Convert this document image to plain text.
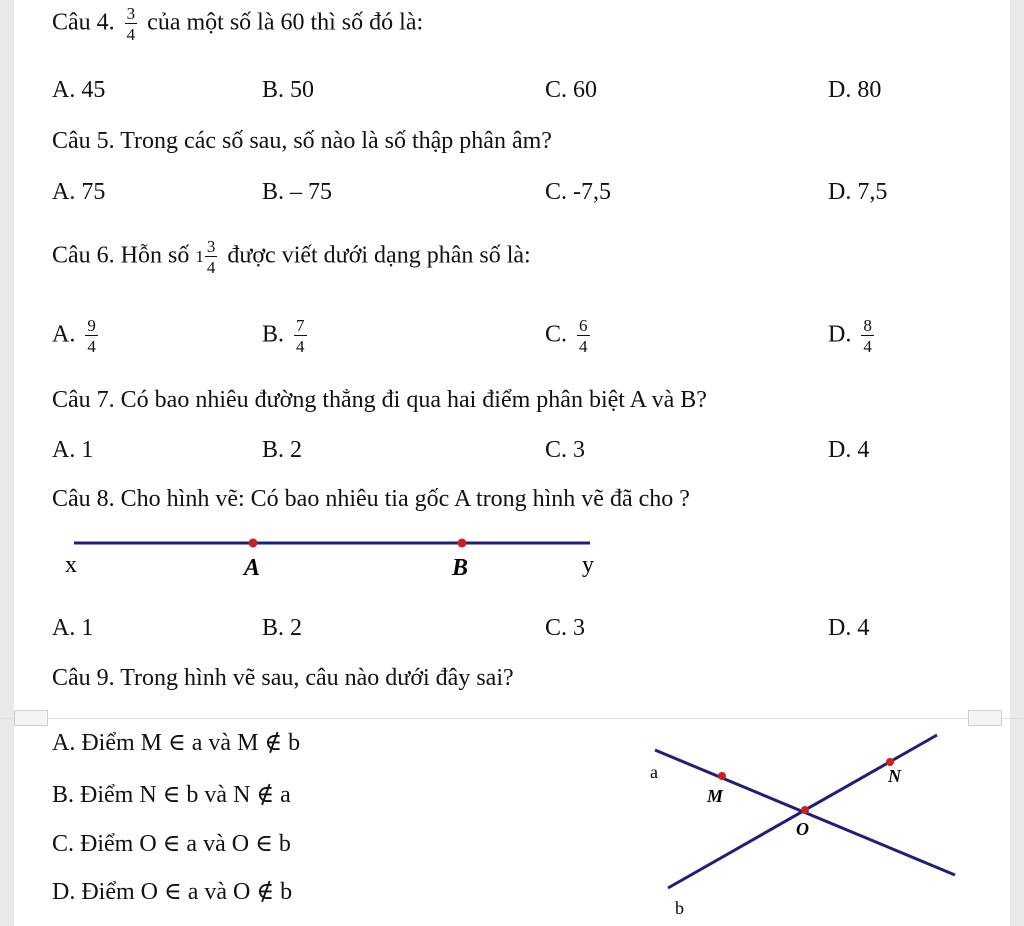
Câu 4. $\frac{3}{4}$ của một số là 60 thì số đó là:
A. 45	B. 50	C. 60	D. 80
Câu 5. Trong các số sau, số nào là số thập phân âm?
A. 75	B. – 75	C. -7,5	D. 7,5
Câu 6. Hỗn số $1 \frac{3}{4}$ được viết dưới dạng phân số là:
A. $\frac{9}{4}$	B. $\frac{7}{4}$	C. $\frac{6}{4}$	D. $\frac{8}{4}$
Câu 7. Có bao nhiêu đường thẳng đi qua hai điểm phân biệt A và B?
A. 1	B. 2	C. 3	D. 4
Câu 8. Cho hình vẽ: Có bao nhiêu tia gốc A trong hình vẽ đã cho ?
x	A	B	y
A. 1	B. 2	C. 3	D. 4
Câu 9. Trong hình vẽ sau, câu nào dưới đây sai?
A. Điểm M ∈ a và M ∉ b
B. Điểm N ∈ b và N ∉ a
C. Điểm O ∈ a và O ∈ b
D. Điểm O ∈ a và O ∉ b
a
M
N
O
b
